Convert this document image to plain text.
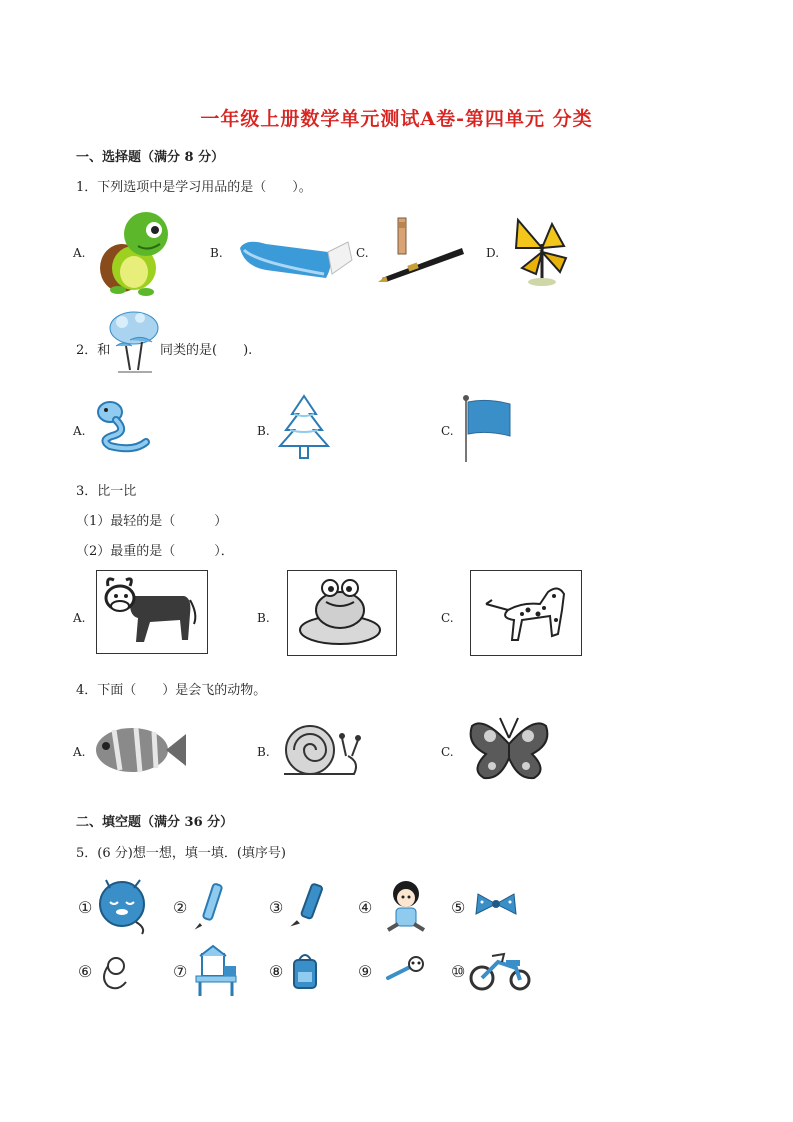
一年级上册数学单元测试A卷-第四单元 分类
一、选择题（满分 8 分）
1．下列选项中是学习用品的是（　　）。
A.	B.	C.	D.
2．和	同类的是(　　).
A.	B.	C.
3．比一比
（1）最轻的是（　　　）
（2）最重的是（　　　）．
A.	B.	C.
4．下面（　　）是会飞的动物。
A.	B.	C.
二、填空题（满分 36 分）
5．(6 分)想一想，填一填．(填序号)
①	②	③	④	⑤
⑥	⑦	⑧	⑨	⑩
